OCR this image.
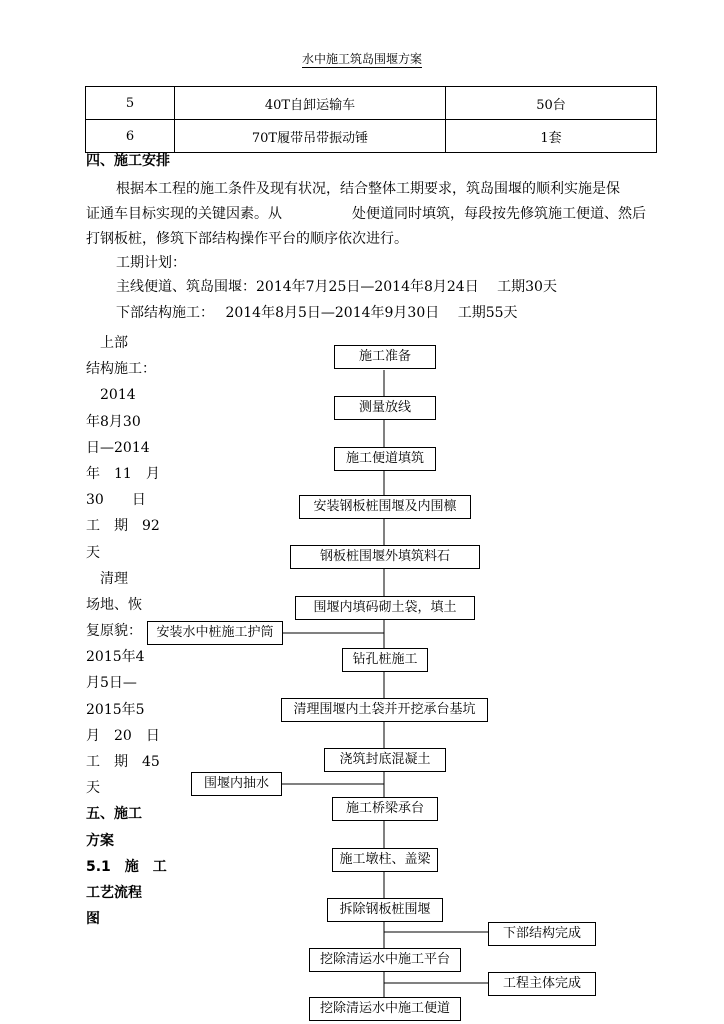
水中施工筑岛围堰方案
5	40T自卸运输车	50台
6	70T履带吊带振动锤	1套
四、施工安排
根据本工程的施工条件及现有状况，结合整体工期要求，筑岛围堰的顺利实施是保
证通车目标实现的关键因素。从　　　　　处便道同时填筑，每段按先修筑施工便道、然后
打钢板桩，修筑下部结构操作平台的顺序依次进行。
工期计划：
主线便道、筑岛围堰：2014年7月25日—2014年8月24日　 工期30天
下部结构施工：　 2014年8月5日—2014年9月30日　 工期55天
　上部
结构施工：
　2014
年8月30
日—2014
年　11　月
30　　日
工　期　92
天
　清理
场地、恢
复原貌：
2015年4
月5日—
2015年5
月　20　日
工　期　45
天
五、施工
方案
5.1　施　工
工艺流程
图
施工准备
测量放线
施工便道填筑
安装钢板桩围堰及内围檩
钢板桩围堰外填筑料石
围堰内填码砌土袋，填土
钻孔桩施工
清理围堰内土袋并开挖承台基坑
浇筑封底混凝土
施工桥梁承台
施工墩柱、盖梁
拆除钢板桩围堰
挖除清运水中施工平台
挖除清运水中施工便道
安装水中桩施工护筒
围堰内抽水
下部结构完成
工程主体完成
